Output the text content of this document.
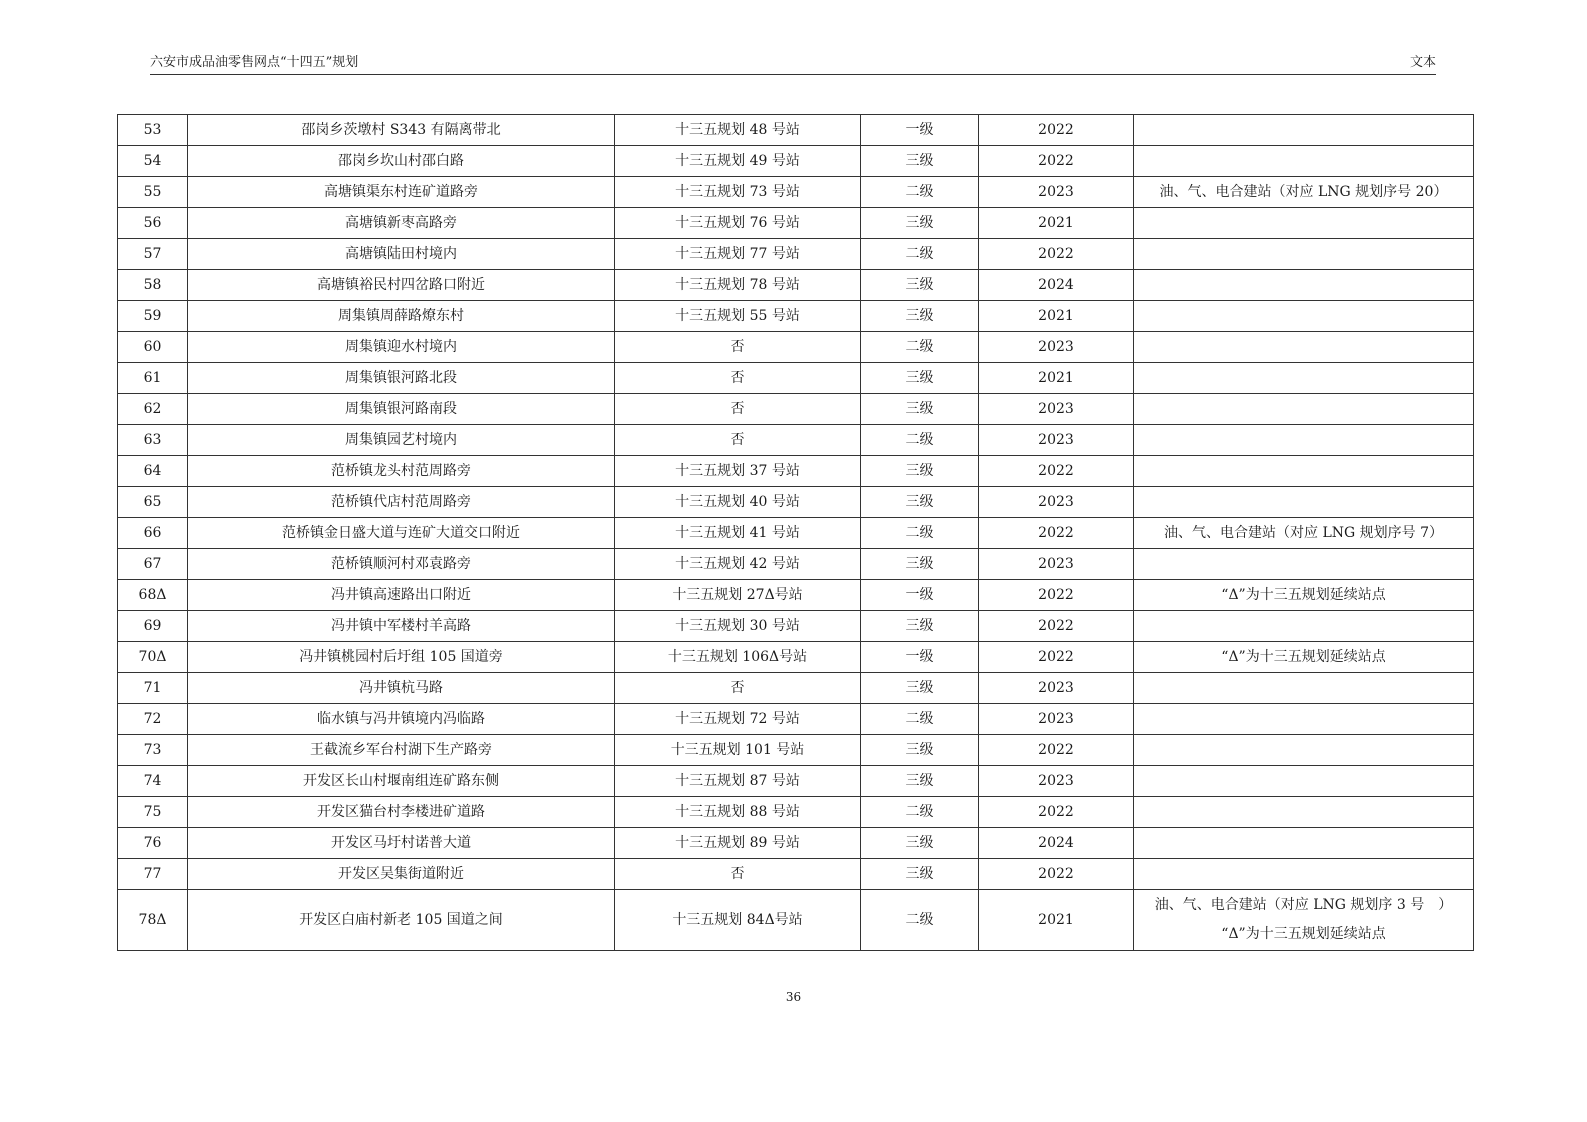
六安市成品油零售网点“十四五”规划	文本
53	邵岗乡茨墩村 S343 有隔离带北	十三五规划 48 号站	一级	2022	
54	邵岗乡坎山村邵白路	十三五规划 49 号站	三级	2022	
55	高塘镇渠东村连矿道路旁	十三五规划 73 号站	二级	2023	油、气、电合建站（对应 LNG 规划序号 20）
56	高塘镇新枣高路旁	十三五规划 76 号站	三级	2021	
57	高塘镇陆田村境内	十三五规划 77 号站	二级	2022	
58	高塘镇裕民村四岔路口附近	十三五规划 78 号站	三级	2024	
59	周集镇周薛路燎东村	十三五规划 55 号站	三级	2021	
60	周集镇迎水村境内	否	二级	2023	
61	周集镇银河路北段	否	三级	2021	
62	周集镇银河路南段	否	三级	2023	
63	周集镇园艺村境内	否	二级	2023	
64	范桥镇龙头村范周路旁	十三五规划 37 号站	三级	2022	
65	范桥镇代店村范周路旁	十三五规划 40 号站	三级	2023	
66	范桥镇金日盛大道与连矿大道交口附近	十三五规划 41 号站	二级	2022	油、气、电合建站（对应 LNG 规划序号 7）
67	范桥镇顺河村邓袁路旁	十三五规划 42 号站	三级	2023	
68Δ	冯井镇高速路出口附近	十三五规划 27Δ号站	一级	2022	“Δ”为十三五规划延续站点
69	冯井镇中军楼村羊高路	十三五规划 30 号站	三级	2022	
70Δ	冯井镇桃园村后圩组 105 国道旁	十三五规划 106Δ号站	一级	2022	“Δ”为十三五规划延续站点
71	冯井镇杭马路	否	三级	2023	
72	临水镇与冯井镇境内冯临路	十三五规划 72 号站	二级	2023	
73	王截流乡军台村湖下生产路旁	十三五规划 101 号站	三级	2022	
74	开发区长山村堰南组连矿路东侧	十三五规划 87 号站	三级	2023	
75	开发区猫台村李楼进矿道路	十三五规划 88 号站	二级	2022	
76	开发区马圩村诺普大道	十三五规划 89 号站	三级	2024	
77	开发区吴集街道附近	否	三级	2022	
78Δ	开发区白庙村新老 105 国道之间	十三五规划 84Δ号站	二级	2021	油、气、电合建站（对应 LNG 规划序 3 号　）
“Δ”为十三五规划延续站点
36
